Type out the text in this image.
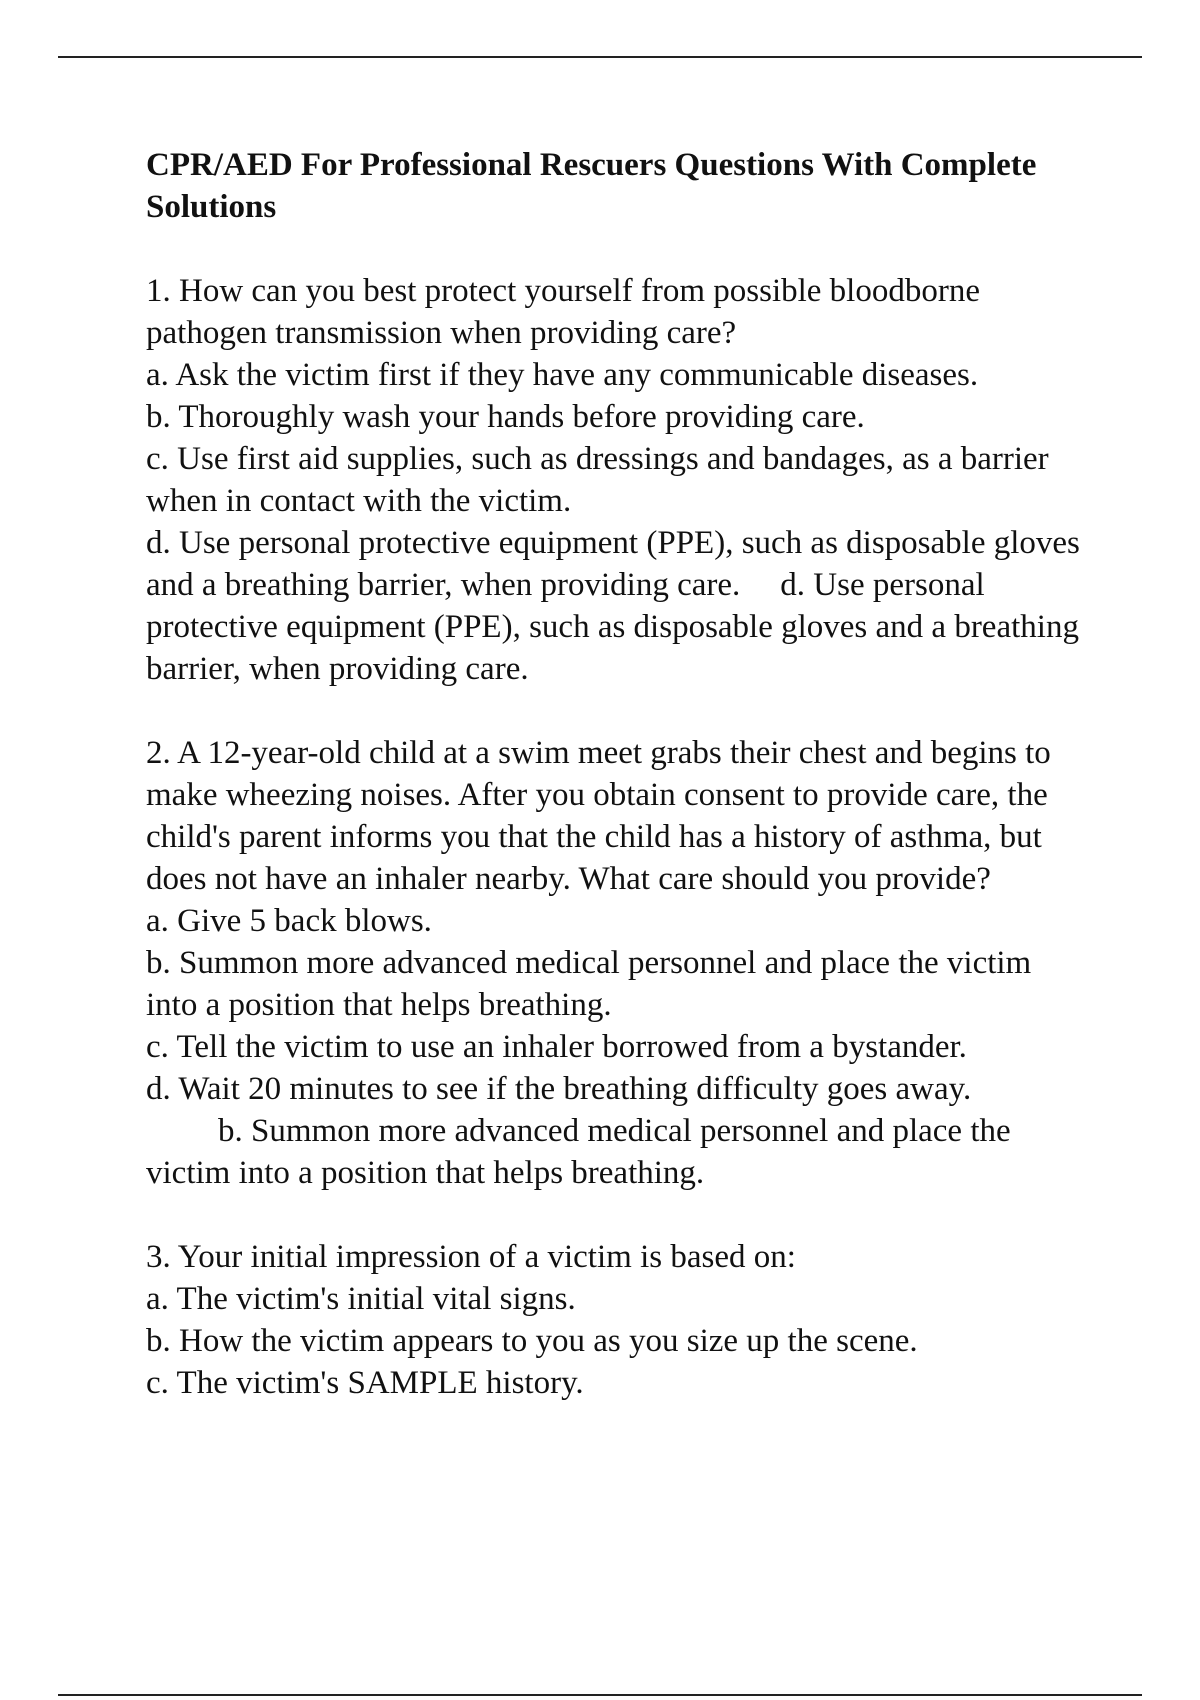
CPR/AED For Professional Rescuers Questions With Complete Solutions

1. How can you best protect yourself from possible bloodborne pathogen transmission when providing care?

a. Ask the victim first if they have any communicable diseases.

b. Thoroughly wash your hands before providing care.

c. Use first aid supplies, such as dressings and bandages, as a barrier when in contact with the victim.

d. Use personal protective equipment (PPE), such as disposable gloves and a breathing barrier, when providing care. d. Use personal protective equipment (PPE), such as disposable gloves and a breathing barrier, when providing care.

2. A 12-year-old child at a swim meet grabs their chest and begins to make wheezing noises. After you obtain consent to provide care, the child's parent informs you that the child has a history of asthma, but does not have an inhaler nearby. What care should you provide?

a. Give 5 back blows.

b. Summon more advanced medical personnel and place the victim into a position that helps breathing.

c. Tell the victim to use an inhaler borrowed from a bystander.

d. Wait 20 minutes to see if the breathing difficulty goes away.

b. Summon more advanced medical personnel and place the victim into a position that helps breathing.

3. Your initial impression of a victim is based on:

a. The victim's initial vital signs.

b. How the victim appears to you as you size up the scene.

c. The victim's SAMPLE history.
